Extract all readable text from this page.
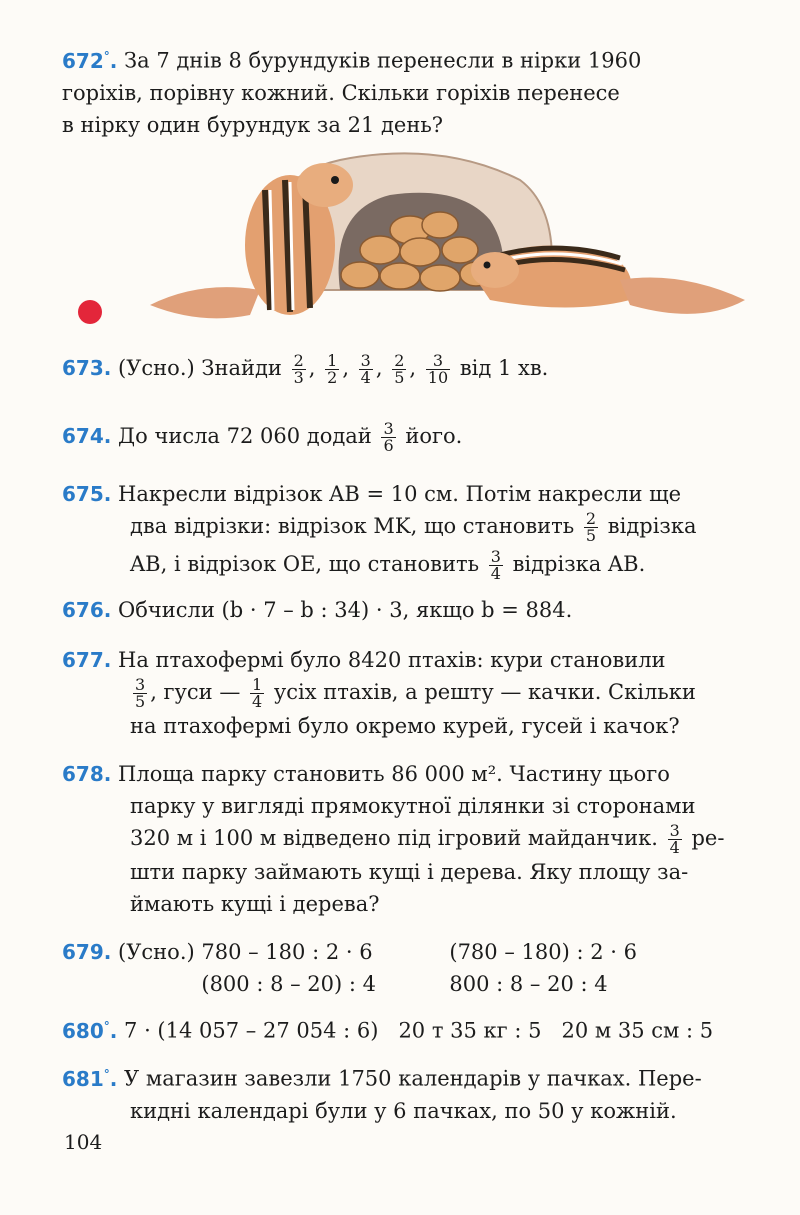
672°. За 7 днів 8 бурундуків перенесли в нірки 1960
горіхів, порівну кожний. Скільки горіхів перенесе
в нірку один бурундук за 21 день?
673. (Усно.) Знайди $\frac{2}{3}$ , $\frac{1}{2}$ , $\frac{3}{4}$ , $\frac{2}{5}$ , $\frac{3}{10}$ від 1 хв.
674. До числа 72 060 додай $\frac{3}{6}$ його.
675. Накресли відрізок AB = 10 см. Потім накресли ще
два відрізки: відрізок MK, що становить $\frac{2}{5}$ відрізка
AB, і відрізок OE, що становить $\frac{3}{4}$ відрізка AB.
676. Обчисли (b · 7 – b : 34) · 3, якщо b = 884.
677. На птахофермі було 8420 птахів: кури становили
$\frac{3}{5}$ , гуси — $\frac{1}{4}$ усіх птахів, а решту — качки. Скільки
на птахофермі було окремо курей, гусей і качок?
678. Площа парку становить 86 000 м². Частину цього
парку у вигляді прямокутної ділянки зі сторонами
320 м і 100 м відведено під ігровий майданчик. $\frac{3}{4} ре-$
шти парку займають кущі і дерева. Яку площу за-
ймають кущі і дерева?
679. (Усно.) 780 – 180 : 2 · 6	(780 – 180) : 2 · 6
(800 : 8 – 20) : 4	800 : 8 – 20 : 4
680°. 7 · (14 057 – 27 054 : 6)   20 т 35 кг : 5   20 м 35 см : 5
681°. У магазин завезли 1750 календарів у пачках. Пере-
кидні календарі були у 6 пачках, по 50 у кожній.
104
